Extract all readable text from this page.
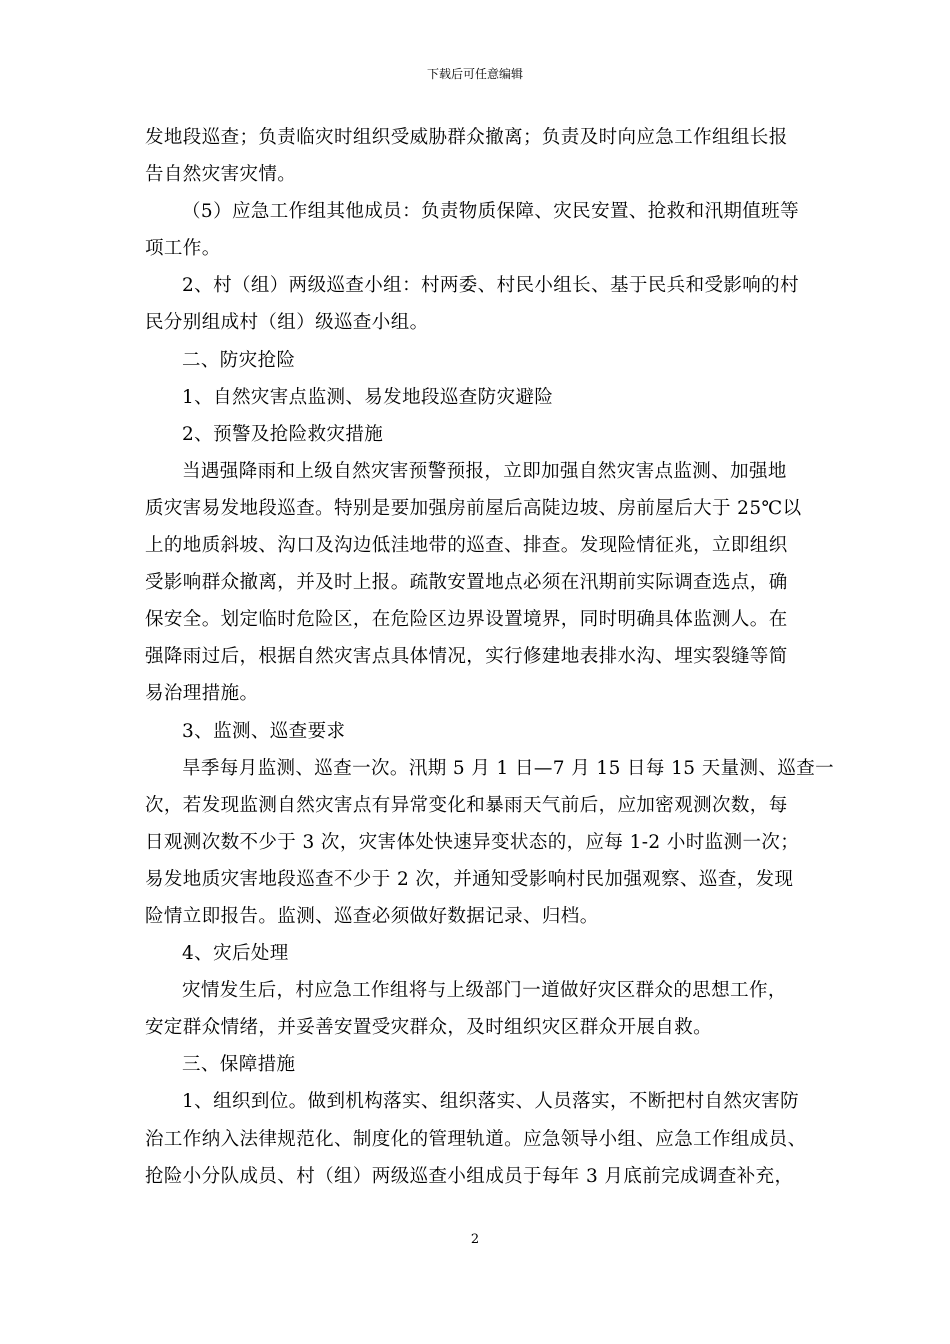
下载后可任意编辑
发地段巡查；负责临灾时组织受威胁群众撤离；负责及时向应急工作组组长报
告自然灾害灾情。
（5）应急工作组其他成员：负责物质保障、灾民安置、抢救和汛期值班等
项工作。
2、村（组）两级巡查小组：村两委、村民小组长、基于民兵和受影响的村
民分别组成村（组）级巡查小组。
二、防灾抢险
1、自然灾害点监测、易发地段巡查防灾避险
2、预警及抢险救灾措施
当遇强降雨和上级自然灾害预警预报，立即加强自然灾害点监测、加强地
质灾害易发地段巡查。特别是要加强房前屋后高陡边坡、房前屋后大于 25℃以
上的地质斜坡、沟口及沟边低洼地带的巡查、排查。发现险情征兆，立即组织
受影响群众撤离，并及时上报。疏散安置地点必须在汛期前实际调查选点，确
保安全。划定临时危险区，在危险区边界设置境界，同时明确具体监测人。在
强降雨过后，根据自然灾害点具体情况，实行修建地表排水沟、埋实裂缝等简
易治理措施。
3、监测、巡查要求
旱季每月监测、巡查一次。汛期 5 月 1 日—7 月 15 日每 15 天量测、巡查一
次，若发现监测自然灾害点有异常变化和暴雨天气前后，应加密观测次数，每
日观测次数不少于 3 次，灾害体处快速异变状态的，应每 1-2 小时监测一次；
易发地质灾害地段巡查不少于 2 次，并通知受影响村民加强观察、巡查，发现
险情立即报告。监测、巡查必须做好数据记录、归档。
4、灾后处理
灾情发生后，村应急工作组将与上级部门一道做好灾区群众的思想工作，
安定群众情绪，并妥善安置受灾群众，及时组织灾区群众开展自救。
三、保障措施
1、组织到位。做到机构落实、组织落实、人员落实，不断把村自然灾害防
治工作纳入法律规范化、制度化的管理轨道。应急领导小组、应急工作组成员、
抢险小分队成员、村（组）两级巡查小组成员于每年 3 月底前完成调查补充，
2
